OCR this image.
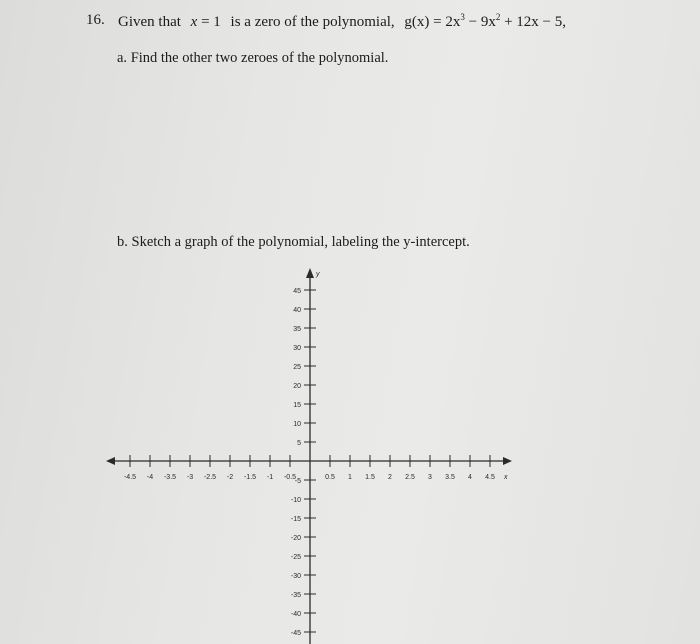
16. Given that x = 1 is a zero of the polynomial, $g(x) = 2x^3 - 9x^2 + 12x - 5$,
a. Find the other two zeroes of the polynomial.
b. Sketch a graph of the polynomial, labeling the y-intercept.
x
y
-4.5 -4 -3.5 -3 -2.5 -2 -1.5 -1 -0.5	0.5 1 1.5 2 2.5 3 3.5 4 4.5
45
40
35
30
25
20
15
10
5
-5
-10
-15
-20
-25
-30
-35
-40
-45
